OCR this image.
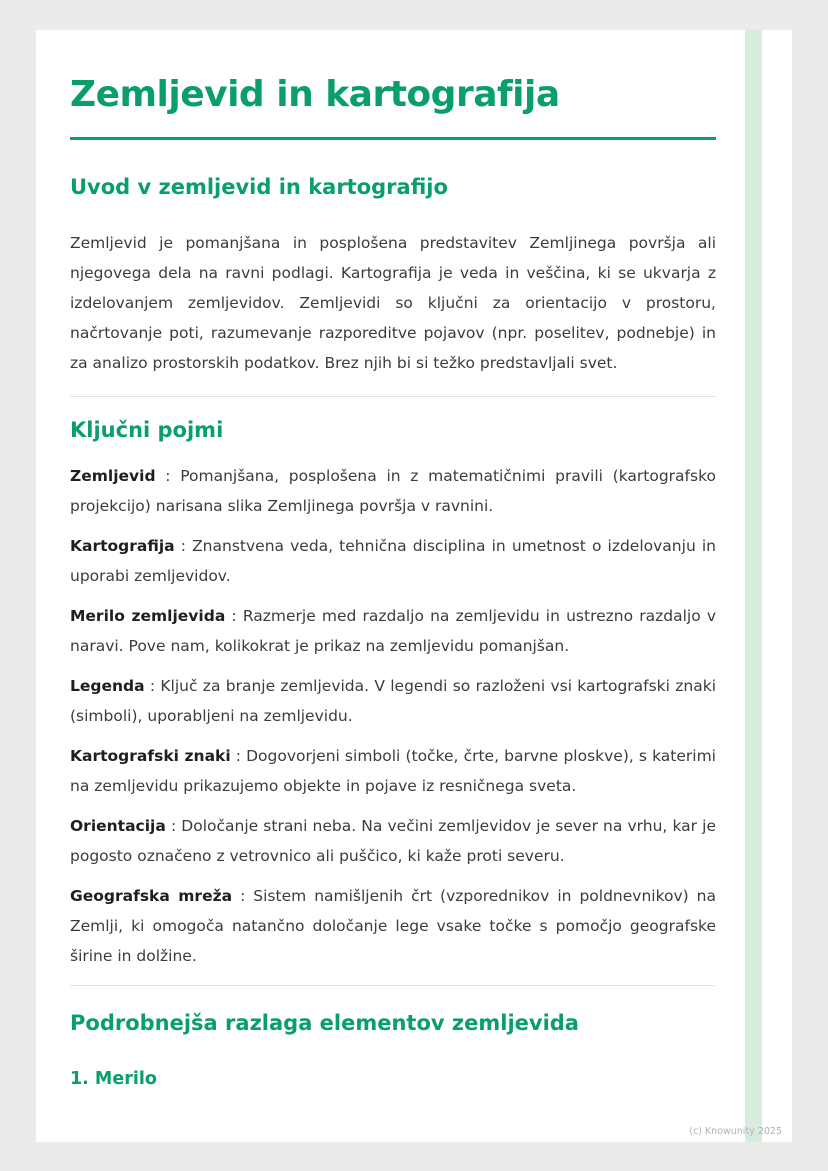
Zemljevid in kartografija
Uvod v zemljevid in kartografijo

Zemljevid je pomanjšana in posplošena predstavitev Zemljinega površja ali njegovega dela na ravni podlagi. Kartografija je veda in veščina, ki se ukvarja z izdelovanjem zemljevidov. Zemljevidi so ključni za orientacijo v prostoru, načrtovanje poti, razumevanje razporeditve pojavov (npr. poselitev, podnebje) in za analizo prostorskih podatkov. Brez njih bi si težko predstavljali svet.

Ključni pojmi

Zemljevid : Pomanjšana, posplošena in z matematičnimi pravili (kartografsko projekcijo) narisana slika Zemljinega površja v ravnini.

Kartografija : Znanstvena veda, tehnična disciplina in umetnost o izdelovanju in uporabi zemljevidov.

Merilo zemljevida : Razmerje med razdaljo na zemljevidu in ustrezno razdaljo v naravi. Pove nam, kolikokrat je prikaz na zemljevidu pomanjšan.

Legenda : Ključ za branje zemljevida. V legendi so razloženi vsi kartografski znaki (simboli), uporabljeni na zemljevidu.

Kartografski znaki : Dogovorjeni simboli (točke, črte, barvne ploskve), s katerimi na zemljevidu prikazujemo objekte in pojave iz resničnega sveta.

Orientacija : Določanje strani neba. Na večini zemljevidov je sever na vrhu, kar je pogosto označeno z vetrovnico ali puščico, ki kaže proti severu.

Geografska mreža : Sistem namišljenih črt (vzporednikov in poldnevnikov) na Zemlji, ki omogoča natančno določanje lege vsake točke s pomočjo geografske širine in dolžine.

Podrobnejša razlaga elementov zemljevida
1. Merilo
(c) Knowunity 2025
